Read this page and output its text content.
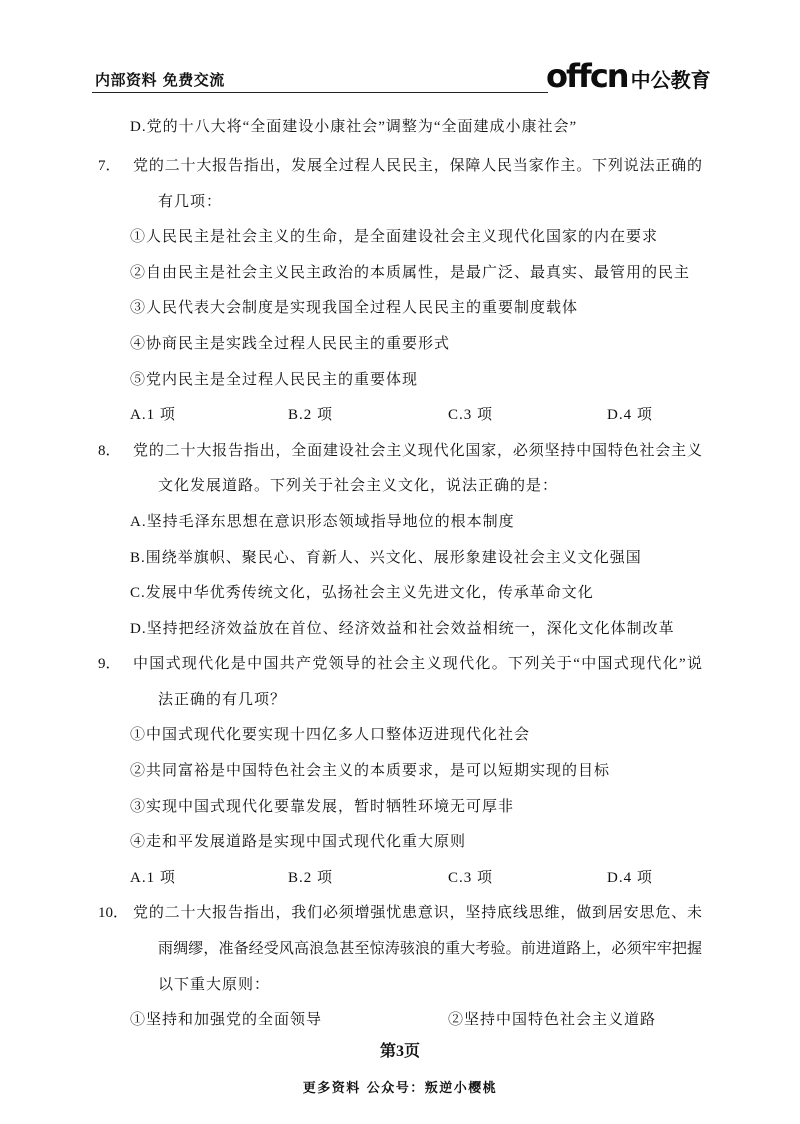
内部资料 免费交流	offcn 中公教育
D.党的十八大将“全面建设小康社会”调整为“全面建成小康社会”
7． 党的二十大报告指出，发展全过程人民民主，保障人民当家作主。下列说法正确的
有几项：
①人民民主是社会主义的生命，是全面建设社会主义现代化国家的内在要求
②自由民主是社会主义民主政治的本质属性，是最广泛、最真实、最管用的民主
③人民代表大会制度是实现我国全过程人民民主的重要制度载体
④协商民主是实践全过程人民民主的重要形式
⑤党内民主是全过程人民民主的重要体现
A.1 项	B.2 项	C.3 项	D.4 项
8． 党的二十大报告指出，全面建设社会主义现代化国家，必须坚持中国特色社会主义
文化发展道路。下列关于社会主义文化，说法正确的是：
A.坚持毛泽东思想在意识形态领域指导地位的根本制度
B.围绕举旗帜、聚民心、育新人、兴文化、展形象建设社会主义文化强国
C.发展中华优秀传统文化，弘扬社会主义先进文化，传承革命文化
D.坚持把经济效益放在首位、经济效益和社会效益相统一，深化文化体制改革
9． 中国式现代化是中国共产党领导的社会主义现代化。下列关于“中国式现代化”说
法正确的有几项？
①中国式现代化要实现十四亿多人口整体迈进现代化社会
②共同富裕是中国特色社会主义的本质要求，是可以短期实现的目标
③实现中国式现代化要靠发展，暂时牺牲环境无可厚非
④走和平发展道路是实现中国式现代化重大原则
A.1 项	B.2 项	C.3 项	D.4 项
10． 党的二十大报告指出，我们必须增强忧患意识，坚持底线思维，做到居安思危、未
雨绸缪，准备经受风高浪急甚至惊涛骇浪的重大考验。前进道路上，必须牢牢把握
以下重大原则：
①坚持和加强党的全面领导	②坚持中国特色社会主义道路
第3页
更多资料 公众号：叛逆小樱桃
